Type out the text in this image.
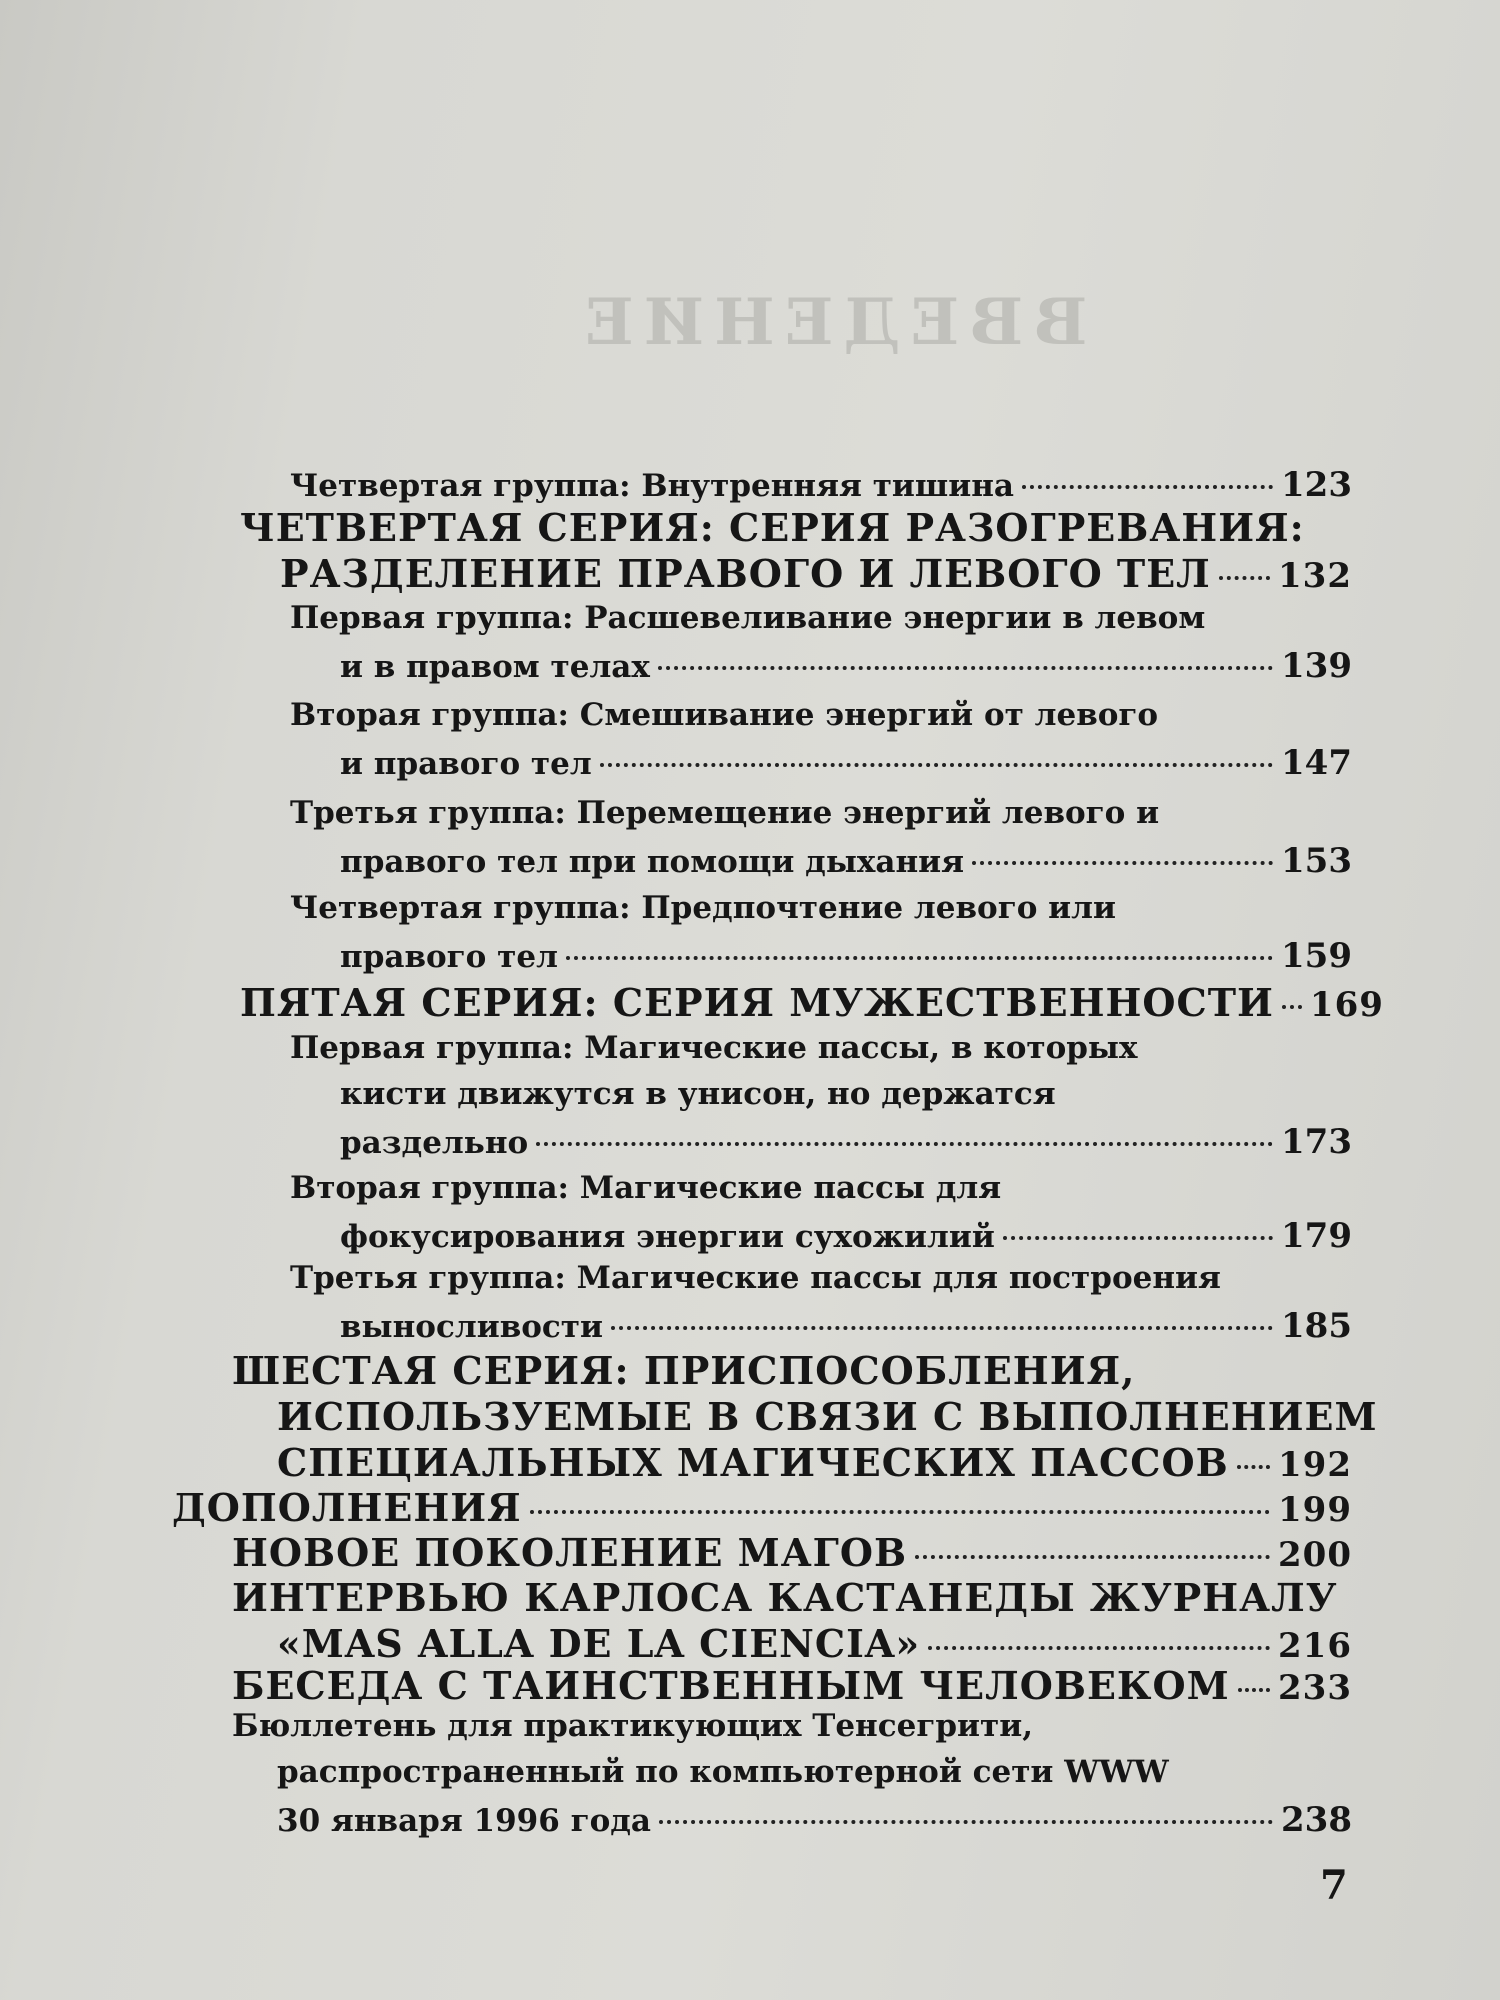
ВВЕДЕНИЕ
Четвертая группа: Внутренняя тишина	123
ЧЕТВЕРТАЯ СЕРИЯ: СЕРИЯ РАЗОГРЕВАНИЯ:
РАЗДЕЛЕНИЕ ПРАВОГО И ЛЕВОГО ТЕЛ 132
Первая группа: Расшевеливание энергии в левом
и в правом телах	139
Вторая группа: Смешивание энергий от левого
и правого тел	147
Третья группа: Перемещение энергий левого и
правого тел при помощи дыхания	153
Четвертая группа: Предпочтение левого или
правого тел	159
ПЯТАЯ СЕРИЯ: СЕРИЯ МУЖЕСТВЕННОСТИ 169
Первая группа: Магические пассы, в которых
кисти движутся в унисон, но держатся
раздельно	173
Вторая группа: Магические пассы для
фокусирования энергии сухожилий	179
Третья группа: Магические пассы для построения
выносливости	185
ШЕСТАЯ СЕРИЯ: ПРИСПОСОБЛЕНИЯ,
ИСПОЛЬЗУЕМЫЕ В СВЯЗИ С ВЫПОЛНЕНИЕМ
СПЕЦИАЛЬНЫХ МАГИЧЕСКИХ ПАССОВ 192
ДОПОЛНЕНИЯ	199
НОВОЕ ПОКОЛЕНИЕ МАГОВ	200
ИНТЕРВЬЮ КАРЛОСА КАСТАНЕДЫ ЖУРНАЛУ
«MAS ALLA DE LA CIENCIA»	216
БЕСЕДА С ТАИНСТВЕННЫМ ЧЕЛОВЕКОМ 233
Бюллетень для практикующих Тенсегрити,
распространенный по компьютерной сети WWW
30 января 1996 года	238
7
